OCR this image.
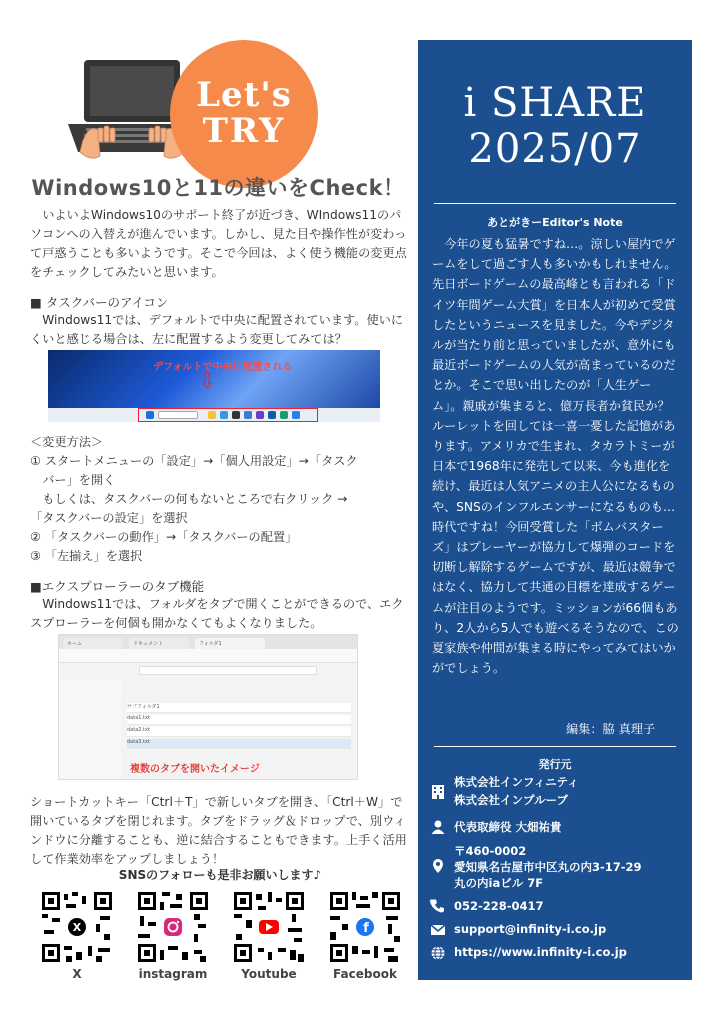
Let's
TRY
Windows10と11の違いをCheck！
いよいよWindows10のサポート終了が近づき、WIndows11のパソコンへの入替えが進んでいます。しかし、見た目や操作性が変わって戸惑うことも多いようです。そこで今回は、よく使う機能の変更点をチェックしてみたいと思います。
■ タスクバーのアイコン
Windows11では、デフォルトで中央に配置されています。使いにくいと感じる場合は、左に配置するよう変更してみては？
デフォルトで中央に配置される
⇩
＜変更方法＞
① スタートメニューの「設定」→「個人用設定」→「タスク
バー」を開く
もしくは、タスクバーの何もないところで右クリック →
「タスクバーの設定」を選択
② 「タスクバーの動作」→「タスクバーの配置」
③ 「左揃え」を選択
■エクスプローラーのタブ機能
Windows11では、フォルダをタブで開くことができるので、エクスプローラーを何個も開かなくてもよくなりました。
ホーム	ドキュメント	フォルダ1
サブフォルダ1
data1.txt
data2.txt
data3.txt
複数のタブを開いたイメージ
ショートカットキー「Ctrl＋T」で新しいタブを開き、「Ctrl＋W」で開いているタブを閉じれます。タブをドラッグ＆ドロップで、別ウィンドウに分離することも、逆に結合することもできます。上手く活用して作業効率をアップしましょう！
SNSのフォローも是非お願いします♪
X	f
X	instagram	Youtube	Facebook
i SHARE
2025/07
あとがきーEditor's Note
今年の夏も猛暑ですね…。涼しい屋内でゲームをして過ごす人も多いかもしれません。先日ボードゲームの最高峰とも言われる「ドイツ年間ゲーム大賞」を日本人が初めて受賞したというニュースを見ました。今やデジタルが当たり前と思っていましたが、意外にも最近ボードゲームの人気が高まっているのだとか。そこで思い出したのが「人生ゲーム」。親戚が集まると、億万長者か貧民か？ルーレットを回しては一喜一憂した記憶があります。アメリカで生まれ、タカラトミーが日本で1968年に発売して以来、今も進化を続け、最近は人気アニメの主人公になるものや、SNSのインフルエンサーになるものも…時代ですね！今回受賞した「ボムバスターズ」はプレーヤーが協力して爆弾のコードを切断し解除するゲームですが、最近は競争ではなく、協力して共通の目標を達成するゲームが注目のようです。ミッションが66個もあり、2人から5人でも遊べるそうなので、この夏家族や仲間が集まる時にやってみてはいかがでしょう。
編集：脇 真理子
発行元
株式会社インフィニティ
株式会社インプルーブ
代表取締役 大畑祐貴
〒460-0002
愛知県名古屋市中区丸の内3-17-29
丸の内iaビル 7F
052-228-0417
support@infinity-i.co.jp
https://www.infinity-i.co.jp
